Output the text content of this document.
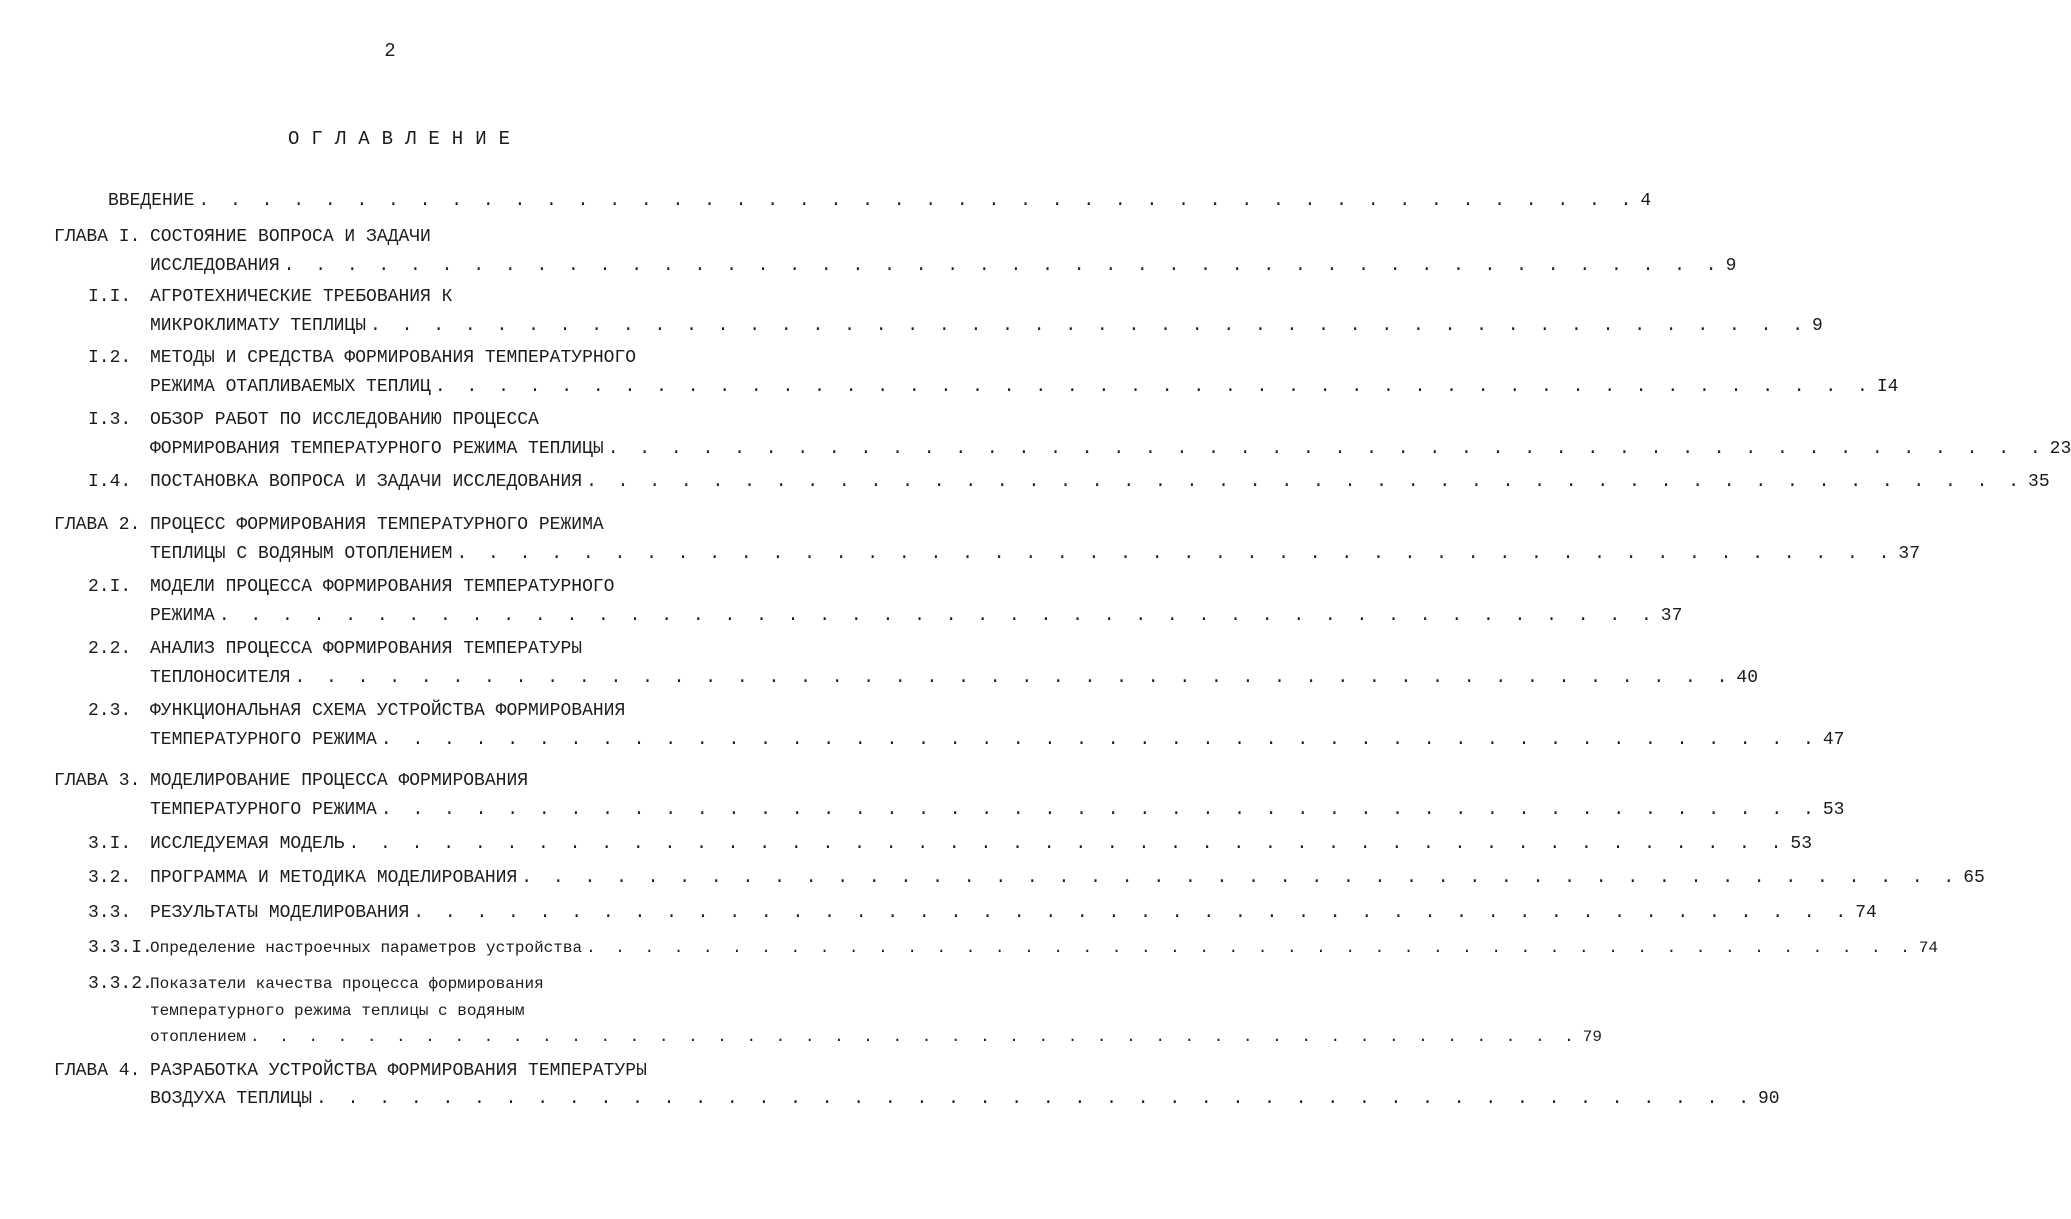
2
ОГЛАВЛЕНИЕ
ВВЕДЕНИЕ . . . . . . . . . . . . . . . . . . . . . . . . . . . . . . . . . . . . . . . . . . . . . . 4
ГЛАВА I. СОСТОЯНИЕ ВОПРОСА И ЗАДАЧИ
ИССЛЕДОВАНИЯ . . . . . . . . . . . . . . . . . . . . . . . . . . . . . . . . . . . . . . . . . . . . . . 9
I.I. АГРОТЕХНИЧЕСКИЕ ТРЕБОВАНИЯ К
МИКРОКЛИМАТУ ТЕПЛИЦЫ . . . . . . . . . . . . . . . . . . . . . . . . . . . . . . . . . . . . . . . . . . . . . . 9
I.2. МЕТОДЫ И СРЕДСТВА ФОРМИРОВАНИЯ ТЕМПЕРАТУРНОГО
РЕЖИМА ОТАПЛИВАЕМЫХ ТЕПЛИЦ . . . . . . . . . . . . . . . . . . . . . . . . . . . . . . . . . . . . . . . . . . . . . . I4
I.3. ОБЗОР РАБОТ ПО ИССЛЕДОВАНИЮ ПРОЦЕССА
ФОРМИРОВАНИЯ ТЕМПЕРАТУРНОГО РЕЖИМА ТЕПЛИЦЫ . . . . . . . . . . . . . . . . . . . . . . . . . . . . . . . . . . . . . . . . . . . . . . 23
I.4. ПОСТАНОВКА ВОПРОСА И ЗАДАЧИ ИССЛЕДОВАНИЯ . . . . . . . . . . . . . . . . . . . . . . . . . . . . . . . . . . . . . . . . . . . . . . 35
ГЛАВА 2. ПРОЦЕСС ФОРМИРОВАНИЯ ТЕМПЕРАТУРНОГО РЕЖИМА
ТЕПЛИЦЫ С ВОДЯНЫМ ОТОПЛЕНИЕМ . . . . . . . . . . . . . . . . . . . . . . . . . . . . . . . . . . . . . . . . . . . . . . 37
2.I. МОДЕЛИ ПРОЦЕССА ФОРМИРОВАНИЯ ТЕМПЕРАТУРНОГО
РЕЖИМА . . . . . . . . . . . . . . . . . . . . . . . . . . . . . . . . . . . . . . . . . . . . . . 37
2.2. АНАЛИЗ ПРОЦЕССА ФОРМИРОВАНИЯ ТЕМПЕРАТУРЫ
ТЕПЛОНОСИТЕЛЯ . . . . . . . . . . . . . . . . . . . . . . . . . . . . . . . . . . . . . . . . . . . . . . 40
2.3. ФУНКЦИОНАЛЬНАЯ СХЕМА УСТРОЙСТВА ФОРМИРОВАНИЯ
ТЕМПЕРАТУРНОГО РЕЖИМА . . . . . . . . . . . . . . . . . . . . . . . . . . . . . . . . . . . . . . . . . . . . . . 47
ГЛАВА 3. МОДЕЛИРОВАНИЕ ПРОЦЕССА ФОРМИРОВАНИЯ
ТЕМПЕРАТУРНОГО РЕЖИМА . . . . . . . . . . . . . . . . . . . . . . . . . . . . . . . . . . . . . . . . . . . . . . 53
3.I. ИССЛЕДУЕМАЯ МОДЕЛЬ . . . . . . . . . . . . . . . . . . . . . . . . . . . . . . . . . . . . . . . . . . . . . . 53
3.2. ПРОГРАММА И МЕТОДИКА МОДЕЛИРОВАНИЯ . . . . . . . . . . . . . . . . . . . . . . . . . . . . . . . . . . . . . . . . . . . . . . 65
3.3. РЕЗУЛЬТАТЫ МОДЕЛИРОВАНИЯ . . . . . . . . . . . . . . . . . . . . . . . . . . . . . . . . . . . . . . . . . . . . . . 74
3.3.I.
Определение настроечных параметров устройства . . . . . . . . . . . . . . . . . . . . . . . . . . . . . . . . . . . . . . . . . . . . . . 74
3.3.2.
Показатели качества процесса формирования
температурного режима теплицы с водяным
отоплением . . . . . . . . . . . . . . . . . . . . . . . . . . . . . . . . . . . . . . . . . . . . . . 79
ГЛАВА 4. РАЗРАБОТКА УСТРОЙСТВА ФОРМИРОВАНИЯ ТЕМПЕРАТУРЫ
ВОЗДУХА ТЕПЛИЦЫ . . . . . . . . . . . . . . . . . . . . . . . . . . . . . . . . . . . . . . . . . . . . . . 90
